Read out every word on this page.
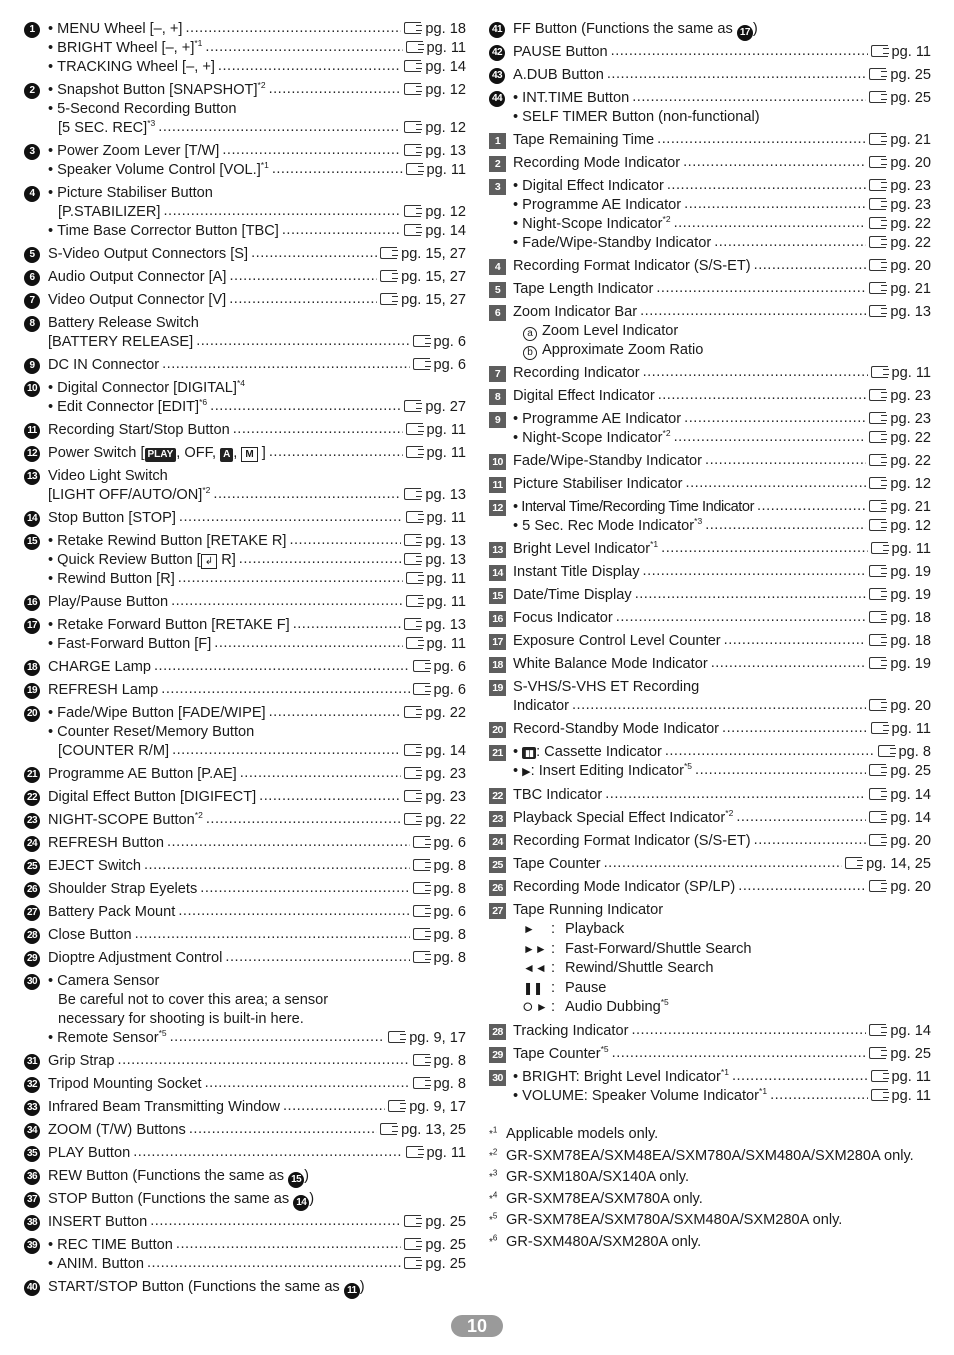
1	• MENU Wheel [–, +] .....	pg. 18
• BRIGHT Wheel [–, +]$^{*1}$ .....	pg. 11
• TRACKING Wheel [–, +] .....	pg. 14
2	• Snapshot Button [SNAPSHOT]$^{*2}$ .....	pg. 12
• 5-Second Recording Button
[5 SEC. REC]$^{*3}$ .....	pg. 12
3	• Power Zoom Lever [T/W] .....	pg. 13
• Speaker Volume Control $[VOL.]^{*1}$ .....	pg. 11
4	• Picture Stabiliser Button
[P.STABILIZER] .....	pg. 12
• Time Base Corrector Button [TBC] .....	pg. 14
5 S-Video Output Connectors [S] .....	pg. 15, 27
6 Audio Output Connector [A] .....	pg. 15, 27
7 Video Output Connector [V] .....	pg. 15, 27
8 Battery Release Switch
[BATTERY RELEASE] .....	pg. 6
9 DC IN Connector .....	pg. 6
10	• Digital Connector [DIGITAL]$^{*4}$
• Edit Connector [EDIT]$^{*6}$ .....	pg. 27
11 Recording Start/Stop Button .....	pg. 11
12 Power Switch [ PLAY , OFF, A , M ] .....	pg. 11
13 Video Light Switch
[LIGHT OFF/AUTO/ON]$^{*2}$ .....	pg. 13
14 Stop Button [STOP] .....	pg. 11
15	• Retake Rewind Button [RETAKE R] .....	pg. 13
• Quick Review Button [ ↲ R] .....	pg. 13
• Rewind Button [R] .....	pg. 11
16 Play/Pause Button .....	pg. 11
17	• Retake Forward Button [RETAKE F] .....	pg. 13
• Fast-Forward Button [F] .....	pg. 11
18 CHARGE Lamp .....	pg. 6
19 REFRESH Lamp .....	pg. 6
20	• Fade/Wipe Button [FADE/WIPE] .....	pg. 22
• Counter Reset/Memory Button
[COUNTER R/M] .....	pg. 14
21 Programme AE Button [P.AE] .....	pg. 23
22 Digital Effect Button [DIGIFECT] .....	pg. 23
23 NIGHT-SCOPE Button$^{*2}$ .....	pg. 22
24 REFRESH Button .....	pg. 6
25 EJECT Switch .....	pg. 8
26 Shoulder Strap Eyelets .....	pg. 8
27 Battery Pack Mount .....	pg. 6
28 Close Button .....	pg. 8
29 Dioptre Adjustment Control .....	pg. 8
30	• Camera Sensor
Be careful not to cover this area; a sensor
necessary for shooting is built-in here.
• Remote Sensor$^{*5}$ .....	pg. 9, 17
31 Grip Strap .....	pg. 8
32 Tripod Mounting Socket .....	pg. 8
33 Infrared Beam Transmitting Window .....	pg. 9, 17
34 ZOOM (T/W) Buttons .....	pg. 13, 25
35 PLAY Button .....	pg. 11
36 REW Button (Functions the same as 15 )
37 STOP Button (Functions the same as 14 )
38 INSERT Button .....	pg. 25
39	• REC TIME Button .....	pg. 25
• ANIM. Button .....	pg. 25
40 START/STOP Button (Functions the same as 11 )
41 FF Button (Functions the same as 17 )
42 PAUSE Button .....	pg. 11
43 A.DUB Button .....	pg. 25
44	• INT.TIME Button .....	pg. 25
• SELF TIMER Button (non-functional)
1 Tape Remaining Time .....	pg. 21
2 Recording Mode Indicator .....	pg. 20
3	• Digital Effect Indicator .....	pg. 23
• Programme AE Indicator .....	pg. 23
• Night-Scope Indicator$^{*2}$ .....	pg. 22
• Fade/Wipe-Standby Indicator .....	pg. 22
4 Recording Format Indicator (S/S-ET) .....	pg. 20
5 Tape Length Indicator .....	pg. 21
6 Zoom Indicator Bar .....	pg. 13
a Zoom Level Indicator
b Approximate Zoom Ratio
7 Recording Indicator .....	pg. 11
8 Digital Effect Indicator .....	pg. 23
9	• Programme AE Indicator .....	pg. 23
• Night-Scope Indicator$^{*2}$ .....	pg. 22
10 Fade/Wipe-Standby Indicator .....	pg. 22
11 Picture Stabiliser Indicator .....	pg. 12
12	• Interval Time/Recording Time Indicator .....	pg. 21
• 5 Sec. Rec Mode Indicator$^{*3}$ .....	pg. 12
13 Bright Level Indicator$^{*1}$ .....	pg. 11
14 Instant Title Display .....	pg. 19
15 Date/Time Display .....	pg. 19
16 Focus Indicator .....	pg. 18
17 Exposure Control Level Counter .....	pg. 18
18 White Balance Mode Indicator .....	pg. 19
19 S-VHS/S-VHS ET Recording
Indicator .....	pg. 20
20 Record-Standby Mode Indicator .....	pg. 11
21	• ▮▮ : Cassette Indicator .....	pg. 8
• ▶: Insert Editing Indicator$^{*5}$ .....	pg. 25
22 TBC Indicator .....	pg. 14
23 Playback Special Effect Indicator$^{*2}$ .....	pg. 14
24 Recording Format Indicator (S/S-ET) .....	pg. 20
25 Tape Counter .....	pg. 14, 25
26 Recording Mode Indicator (SP/LP) .....	pg. 20
27 Tape Running Indicator
► : Playback
►► : Fast-Forward/Shuttle Search
◄◄ : Rewind/Shuttle Search
❚❚ : Pause
⭘ ► : Audio Dubbing$^{*5}$
28 Tracking Indicator .....	pg. 14
29 Tape Counter$^{*5}$ .....	pg. 25
30	• BRIGHT: Bright Level Indicator$^{*1}$ .....	pg. 11
• VOLUME: Speaker Volume Indicator$^{*1}$ .....	pg. 11
*$^1$ Applicable models only.
*$^2$ GR-SXM78EA/SXM48EA/SXM780A/SXM480A/SXM280A only.
*$^3$ GR-SXM180A/SX140A only.
*$^4$ GR-SXM78EA/SXM780A only.
*$^5$ GR-SXM78EA/SXM780A/SXM480A/SXM280A only.
*$^6$ GR-SXM480A/SXM280A only.
10
